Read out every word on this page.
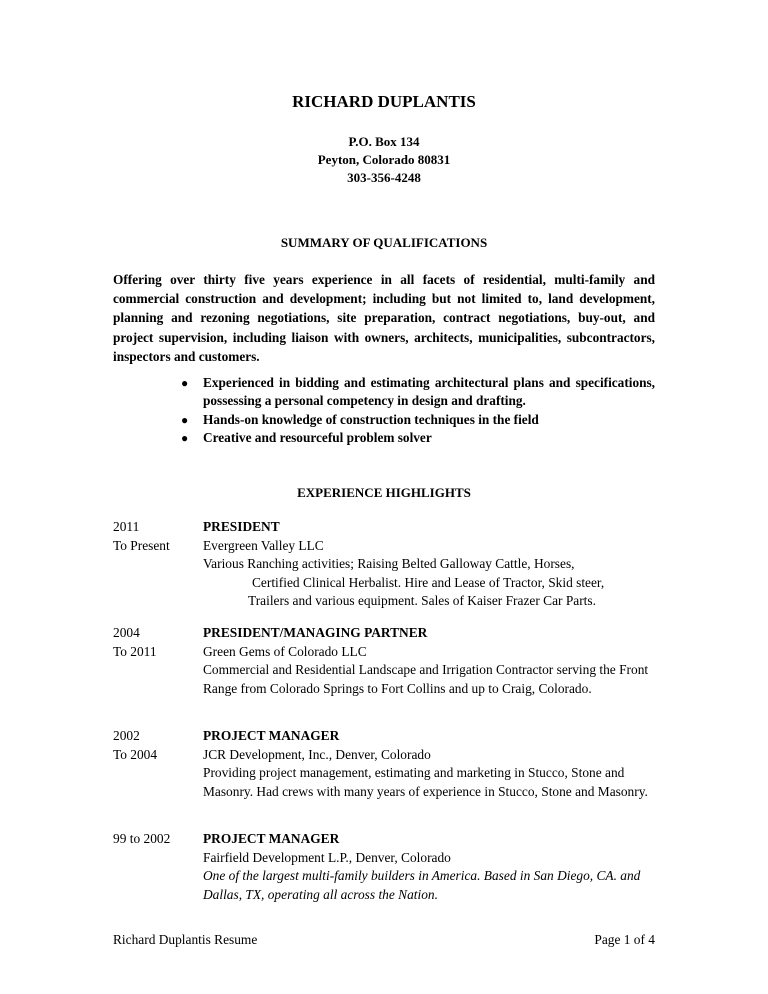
RICHARD DUPLANTIS
P.O. Box 134
Peyton, Colorado 80831
303-356-4248
SUMMARY OF QUALIFICATIONS
Offering over thirty five years experience in all facets of residential, multi-family and commercial construction and development; including but not limited to, land development, planning and rezoning negotiations, site preparation, contract negotiations, buy-out, and project supervision, including liaison with owners, architects, municipalities, subcontractors, inspectors and customers.
● Experienced in bidding and estimating architectural plans and specifications, possessing a personal competency in design and drafting.
● Hands-on knowledge of construction techniques in the field
● Creative and resourceful problem solver
EXPERIENCE HIGHLIGHTS
2011
To Present
PRESIDENT
Evergreen Valley LLC
Various Ranching activities; Raising Belted Galloway Cattle, Horses,
Certified Clinical Herbalist. Hire and Lease of Tractor, Skid steer,
Trailers and various equipment. Sales of Kaiser Frazer Car Parts.
2004
To 2011
PRESIDENT/MANAGING PARTNER
Green Gems of Colorado LLC
Commercial and Residential Landscape and Irrigation Contractor serving the Front Range from Colorado Springs to Fort Collins and up to Craig, Colorado.
2002
To 2004
PROJECT MANAGER
JCR Development, Inc., Denver, Colorado
Providing project management, estimating and marketing in Stucco, Stone and Masonry. Had crews with many years of experience in Stucco, Stone and Masonry.
99 to 2002	PROJECT MANAGER
Fairfield Development L.P., Denver, Colorado
One of the largest multi-family builders in America. Based in San Diego, CA. and Dallas, TX, operating all across the Nation.
Richard Duplantis Resume	Page 1 of 4
